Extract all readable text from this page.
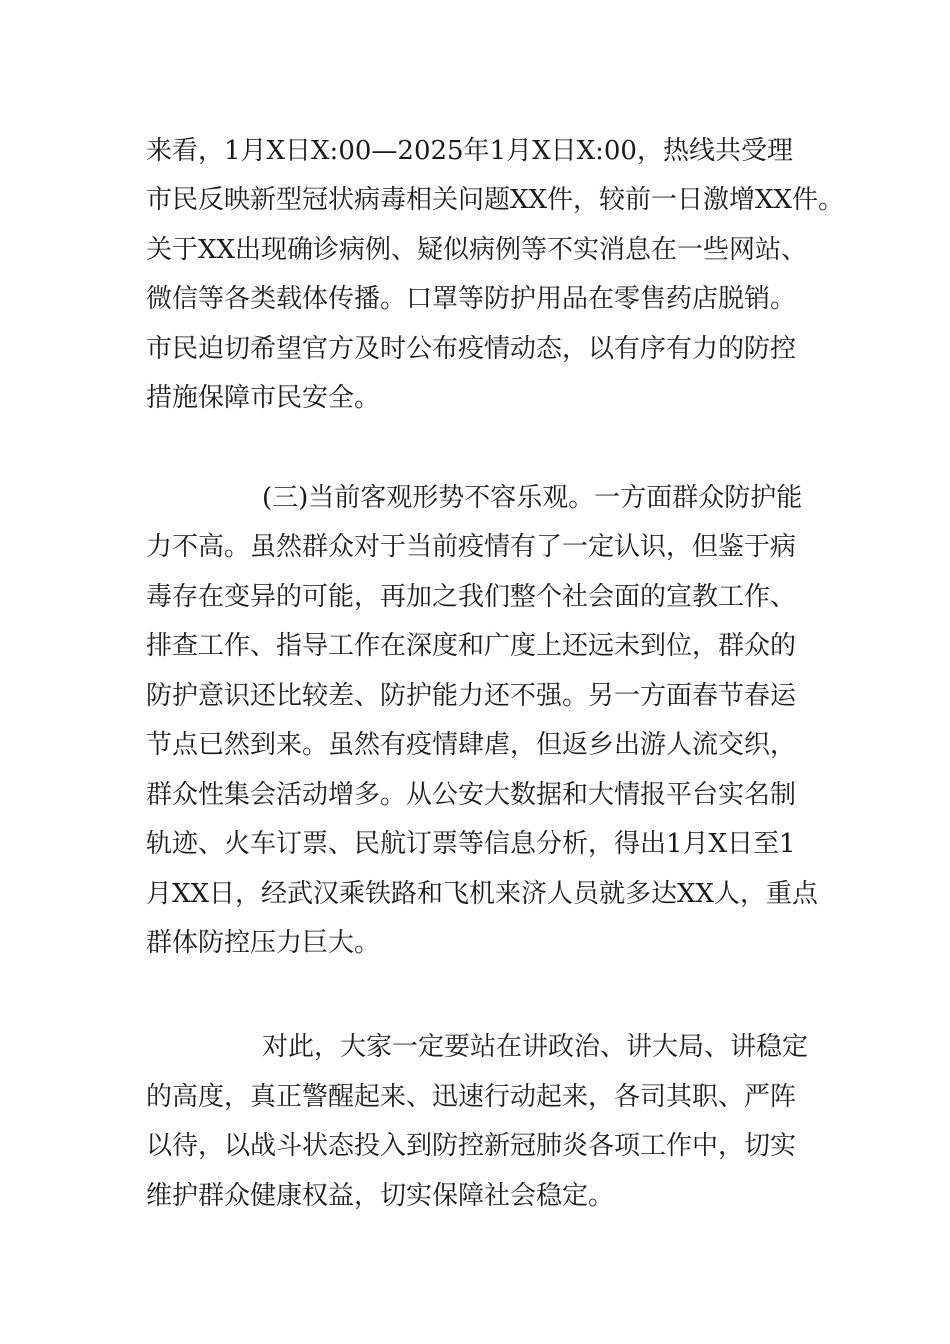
来看，1月X日X:00—2025年1月X日X:00，热线共受理
市民反映新型冠状病毒相关问题XX件，较前一日激增XX件。
关于XX出现确诊病例、疑似病例等不实消息在一些网站、
微信等各类载体传播。口罩等防护用品在零售药店脱销。
市民迫切希望官方及时公布疫情动态，以有序有力的防控
措施保障市民安全。
(三)当前客观形势不容乐观。一方面群众防护能
力不高。虽然群众对于当前疫情有了一定认识，但鉴于病
毒存在变异的可能，再加之我们整个社会面的宣教工作、
排查工作、指导工作在深度和广度上还远未到位，群众的
防护意识还比较差、防护能力还不强。另一方面春节春运
节点已然到来。虽然有疫情肆虐，但返乡出游人流交织，
群众性集会活动增多。从公安大数据和大情报平台实名制
轨迹、火车订票、民航订票等信息分析，得出1月X日至1
月XX日，经武汉乘铁路和飞机来济人员就多达XX人，重点
群体防控压力巨大。
对此，大家一定要站在讲政治、讲大局、讲稳定
的高度，真正警醒起来、迅速行动起来，各司其职、严阵
以待，以战斗状态投入到防控新冠肺炎各项工作中，切实
维护群众健康权益，切实保障社会稳定。
